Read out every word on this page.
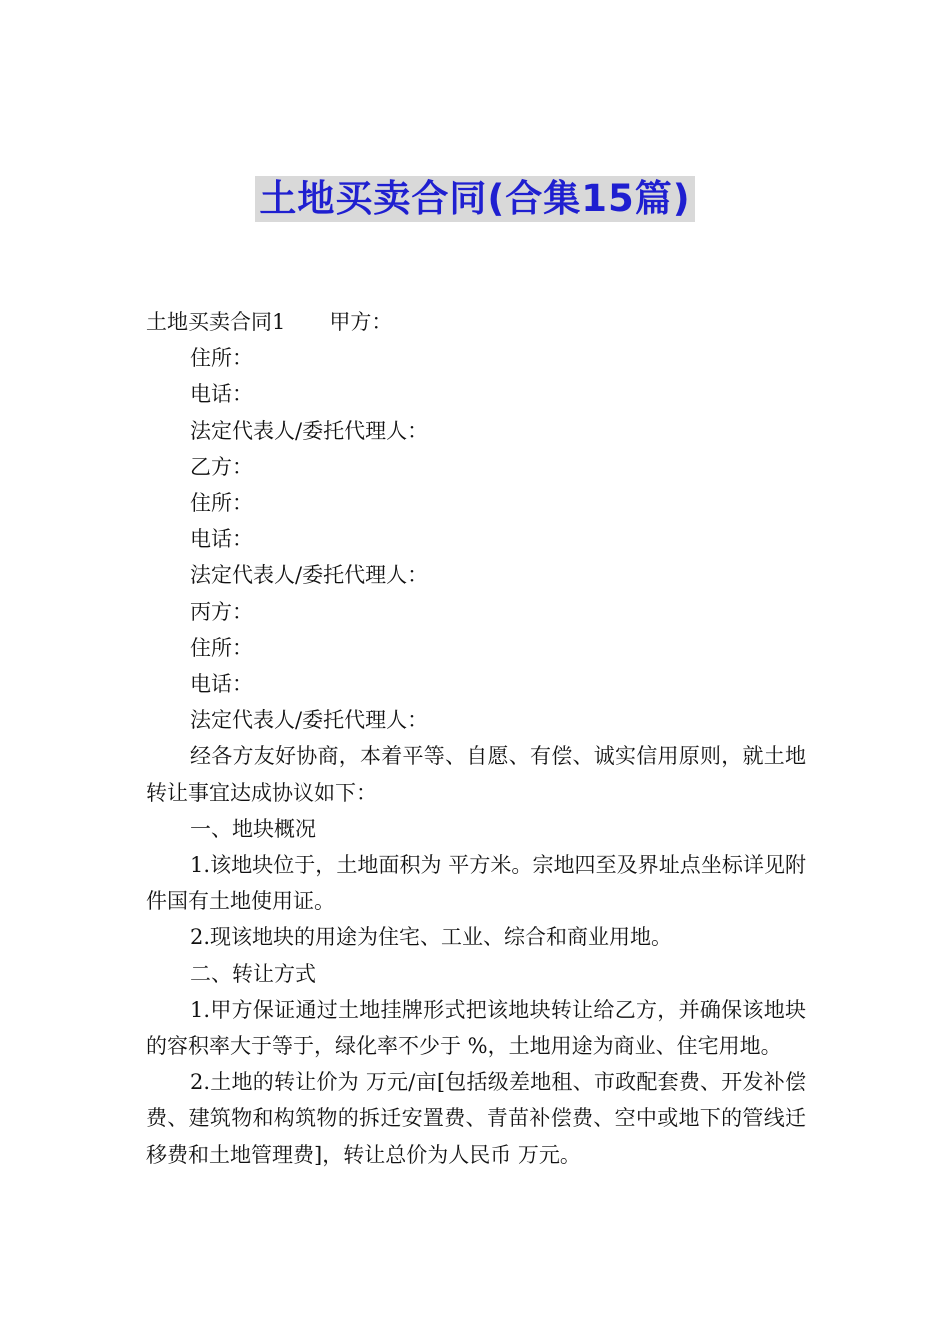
土地买卖合同(合集15篇)

土地买卖合同1 甲方：

住所：

电话：

法定代表人/委托代理人：

乙方：

住所：

电话：

法定代表人/委托代理人：

丙方：

住所：

电话：

法定代表人/委托代理人：

经各方友好协商，本着平等、自愿、有偿、诚实信用原则，就土地转让事宜达成协议如下：

一、地块概况

1.该地块位于，土地面积为 平方米。宗地四至及界址点坐标详见附件国有土地使用证。

2.现该地块的用途为住宅、工业、综合和商业用地。

二、转让方式

1.甲方保证通过土地挂牌形式把该地块转让给乙方，并确保该地块的容积率大于等于，绿化率不少于 %，土地用途为商业、住宅用地。

2.土地的转让价为 万元/亩[包括级差地租、市政配套费、开发补偿费、建筑物和构筑物的拆迁安置费、青苗补偿费、空中或地下的管线迁移费和土地管理费]，转让总价为人民币 万元。
